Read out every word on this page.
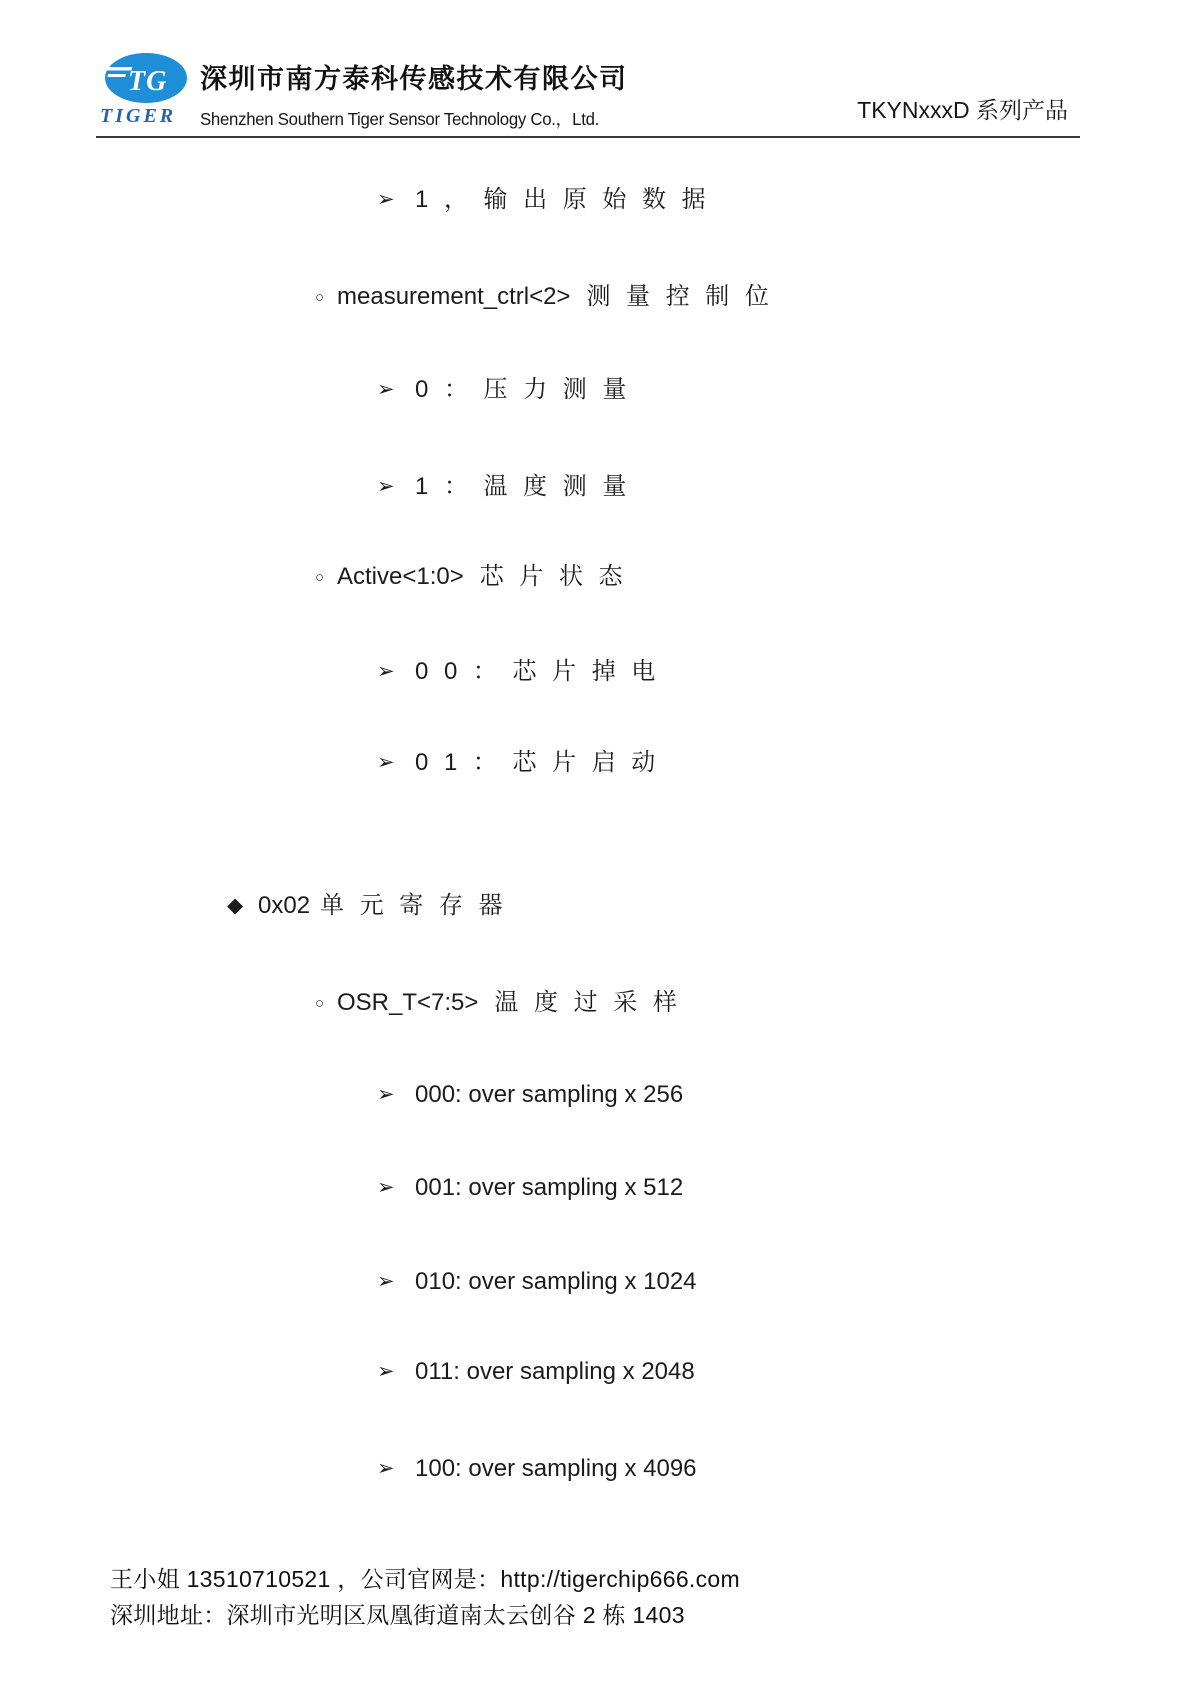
TG
TIGER
深圳市南方泰科传感技术有限公司
Shenzhen Southern Tiger Sensor Technology Co.，Ltd.	TKYNxxxD 系列产品
➢ 1，输出原始数据
○ measurement_ctrl<2> 测量控制位
➢ 0：压力测量
➢ 1：温度测量
○ Active<1:0> 芯片状态
➢ 00：芯片掉电
➢ 01：芯片启动
◆ 0x02 单元寄存器
○ OSR_T<7:5> 温度过采样
➢ 000: over sampling x 256
➢ 001: over sampling x 512
➢ 010: over sampling x 1024
➢ 011: over sampling x 2048
➢ 100: over sampling x 4096
王小姐 13510710521 ，公司官网是：http://tigerchip666.com
深圳地址：深圳市光明区凤凰街道南太云创谷 2 栋 1403
